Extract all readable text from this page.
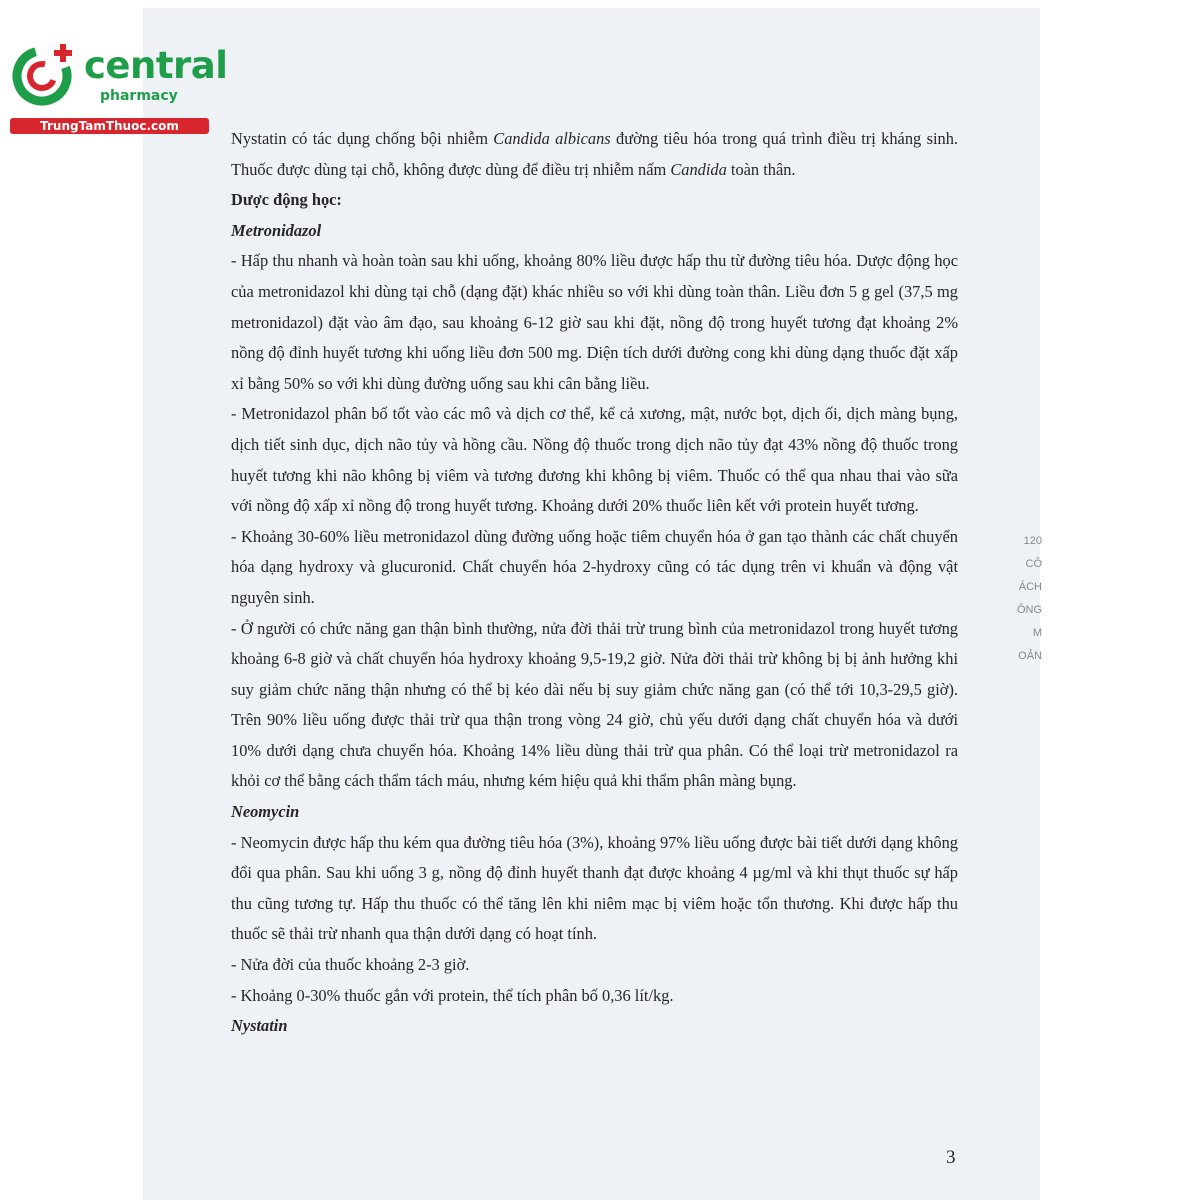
central
pharmacy
TrungTamThuoc.com

Nystatin có tác dụng chống bội nhiễm Candida albicans đường tiêu hóa trong quá trình điều trị kháng sinh. Thuốc được dùng tại chỗ, không được dùng để điều trị nhiễm nấm Candida toàn thân.

Dược động học:

Metronidazol

- Hấp thu nhanh và hoàn toàn sau khi uống, khoảng 80% liều được hấp thu từ đường tiêu hóa. Dược động học của metronidazol khi dùng tại chỗ (dạng đặt) khác nhiều so với khi dùng toàn thân. Liều đơn 5 g gel (37,5 mg metronidazol) đặt vào âm đạo, sau khoảng 6-12 giờ sau khi đặt, nồng độ trong huyết tương đạt khoảng 2% nồng độ đỉnh huyết tương khi uống liều đơn 500 mg. Diện tích dưới đường cong khi dùng dạng thuốc đặt xấp xỉ bằng 50% so với khi dùng đường uống sau khi cân bằng liều.

- Metronidazol phân bố tốt vào các mô và dịch cơ thể, kể cả xương, mật, nước bọt, dịch ối, dịch màng bụng, dịch tiết sinh dục, dịch não tủy và hồng cầu. Nồng độ thuốc trong dịch não tủy đạt 43% nồng độ thuốc trong huyết tương khi não không bị viêm và tương đương khi không bị viêm. Thuốc có thể qua nhau thai vào sữa với nồng độ xấp xỉ nồng độ trong huyết tương. Khoảng dưới 20% thuốc liên kết với protein huyết tương.

- Khoảng 30-60% liều metronidazol dùng đường uống hoặc tiêm chuyển hóa ở gan tạo thành các chất chuyển hóa dạng hydroxy và glucuronid. Chất chuyển hóa 2-hydroxy cũng có tác dụng trên vi khuẩn và động vật nguyên sinh.

- Ở người có chức năng gan thận bình thường, nửa đời thải trừ trung bình của metronidazol trong huyết tương khoảng 6-8 giờ và chất chuyển hóa hydroxy khoảng 9,5-19,2 giờ. Nửa đời thải trừ không bị bị ảnh hưởng khi suy giảm chức năng thận nhưng có thể bị kéo dài nếu bị suy giảm chức năng gan (có thể tới 10,3-29,5 giờ). Trên 90% liều uống được thải trừ qua thận trong vòng 24 giờ, chủ yếu dưới dạng chất chuyển hóa và dưới 10% dưới dạng chưa chuyển hóa. Khoảng 14% liều dùng thải trừ qua phân. Có thể loại trừ metronidazol ra khỏi cơ thể bằng cách thẩm tách máu, nhưng kém hiệu quả khi thẩm phân màng bụng.

Neomycin

- Neomycin được hấp thu kém qua đường tiêu hóa (3%), khoảng 97% liều uống được bài tiết dưới dạng không đổi qua phân. Sau khi uống 3 g, nồng độ đỉnh huyết thanh đạt được khoảng 4 µg/ml và khi thụt thuốc sự hấp thu cũng tương tự. Hấp thu thuốc có thể tăng lên khi niêm mạc bị viêm hoặc tổn thương. Khi được hấp thu thuốc sẽ thải trừ nhanh qua thận dưới dạng có hoạt tính.

- Nửa đời của thuốc khoảng 2-3 giờ.

- Khoảng 0-30% thuốc gắn với protein, thể tích phân bố 0,36 lít/kg.

Nystatin

120
CÔ
ÁCH
ÔNG
M
OẢN
3
